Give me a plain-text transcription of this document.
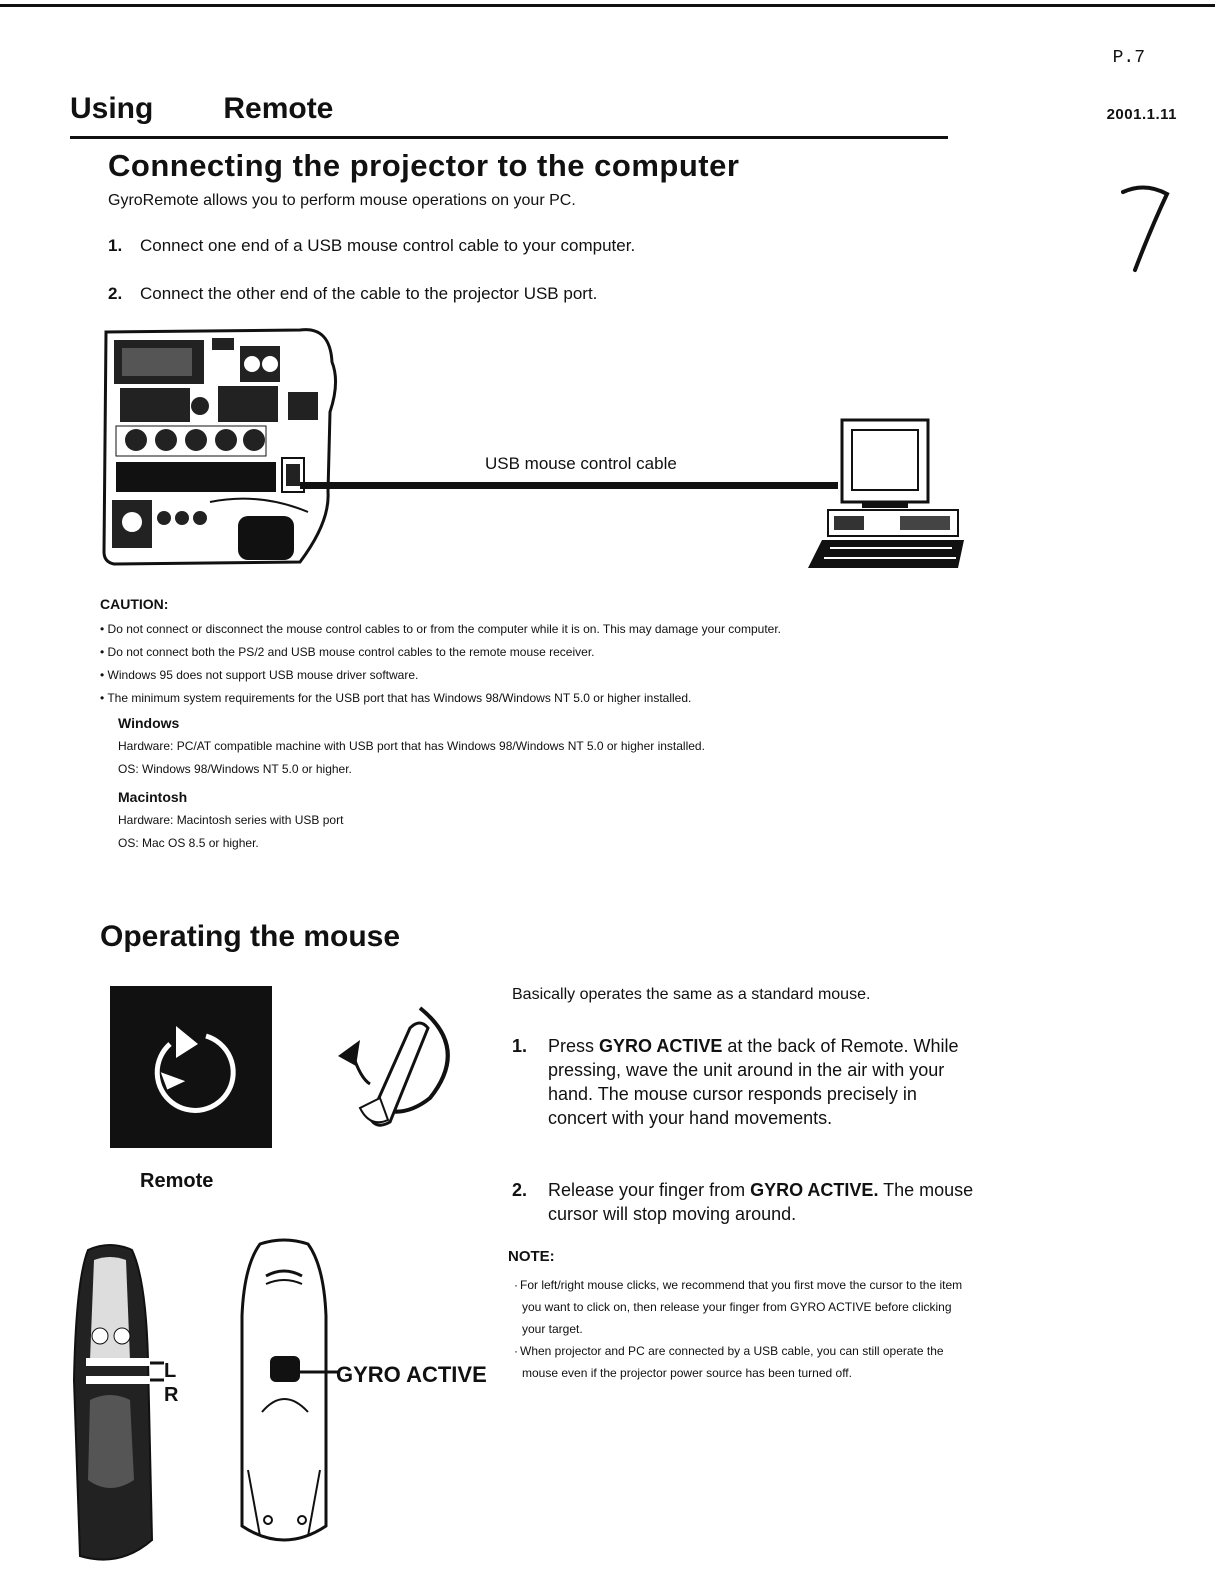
P.7
2001.1.11
Using Remote
Connecting the projector to the computer
GyroRemote allows you to perform mouse operations on your PC.
1. Connect one end of a USB mouse control cable to your computer.
2. Connect the other end of the cable to the projector USB port.
USB mouse control cable
CAUTION:
• Do not connect or disconnect the mouse control cables to or from the computer while it is on. This may damage your computer.
• Do not connect both the PS/2 and USB mouse control cables to the remote mouse receiver.
• Windows 95 does not support USB mouse driver software.
• The minimum system requirements for the USB port that has Windows 98/Windows NT 5.0 or higher installed.
Windows
Hardware: PC/AT compatible machine with USB port that has Windows 98/Windows NT 5.0 or higher installed.
OS: Windows 98/Windows NT 5.0 or higher.
Macintosh
Hardware: Macintosh series with USB port
OS: Mac OS 8.5 or higher.
Operating the mouse
Remote
Basically operates the same as a standard mouse.
1. Press GYRO ACTIVE at the back of Remote. While pressing, wave the unit around in the air with your hand. The mouse cursor responds precisely in concert with your hand movements.
2. Release your finger from GYRO ACTIVE. The mouse cursor will stop moving around.
NOTE:
· For left/right mouse clicks, we recommend that you first move the cursor to the item you want to click on, then release your finger from GYRO ACTIVE before clicking your target.
· When projector and PC are connected by a USB cable, you can still operate the mouse even if the projector power source has been turned off.
L
R
GYRO ACTIVE
